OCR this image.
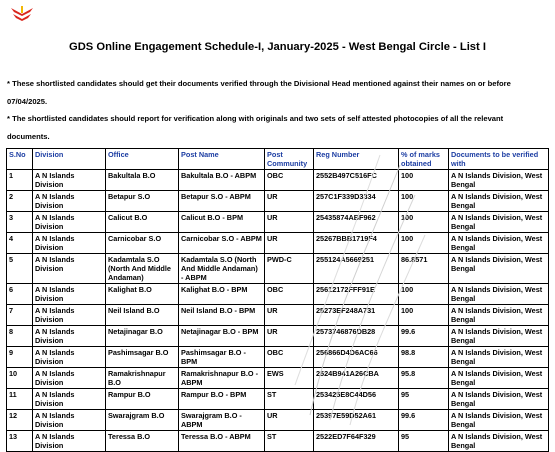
GDS Online Engagement Schedule-I, January-2025 - West Bengal Circle - List I
* These shortlisted candidates should get their documents verified through the Divisional Head mentioned against their names on or before 07/04/2025.
* The shortlisted candidates should report for verification along with originals and two sets of self attested photocopies of all the relevant documents.
S.No	Division	Office	Post Name	Post Community	Reg Number	% of marks obtained	Documents to be verified with
1	A N Islands Division	Bakultala B.O	Bakultala B.O - ABPM	OBC	2552B497C516FC	100	A N Islands Division, West Bengal
2	A N Islands Division	Betapur S.O	Betapur S.O - ABPM	UR	257C1F339D3334	100	A N Islands Division, West Bengal
3	A N Islands Division	Calicut B.O	Calicut B.O - BPM	UR	25435874ABF962	100	A N Islands Division, West Bengal
4	A N Islands Division	Carnicobar S.O	Carnicobar S.O - ABPM	UR	25267BBB1719F4	100	A N Islands Division, West Bengal
5	A N Islands Division	Kadamtala S.O (North And Middle Andaman)	Kadamtala S.O (North And Middle Andaman) - ABPM	PWD-C	255124A5669251	86.8571	A N Islands Division, West Bengal
6	A N Islands Division	Kalighat B.O	Kalighat B.O - BPM	OBC	25612172FFF91E	100	A N Islands Division, West Bengal
7	A N Islands Division	Neil Island B.O	Neil Island B.O - BPM	UR	25273EF248A731	100	A N Islands Division, West Bengal
8	A N Islands Division	Netajinagar B.O	Netajinagar B.O - BPM	UR	2573746876DB28	99.6	A N Islands Division, West Bengal
9	A N Islands Division	Pashimsagar B.O	Pashimsagar B.O - BPM	OBC	256866D4D6AC66	98.8	A N Islands Division, West Bengal
10	A N Islands Division	Ramakrishnapur B.O	Ramakrishnapur B.O - ABPM	EWS	2524B941A26CBA	95.8	A N Islands Division, West Bengal
11	A N Islands Division	Rampur B.O	Rampur B.O - BPM	ST	253425E8C44D56	95	A N Islands Division, West Bengal
12	A N Islands Division	Swarajgram B.O	Swarajgram B.O - ABPM	UR	25397E59D52A61	99.6	A N Islands Division, West Bengal
13	A N Islands Division	Teressa B.O	Teressa B.O - ABPM	ST	2522ED7F64F329	95	A N Islands Division, West Bengal
